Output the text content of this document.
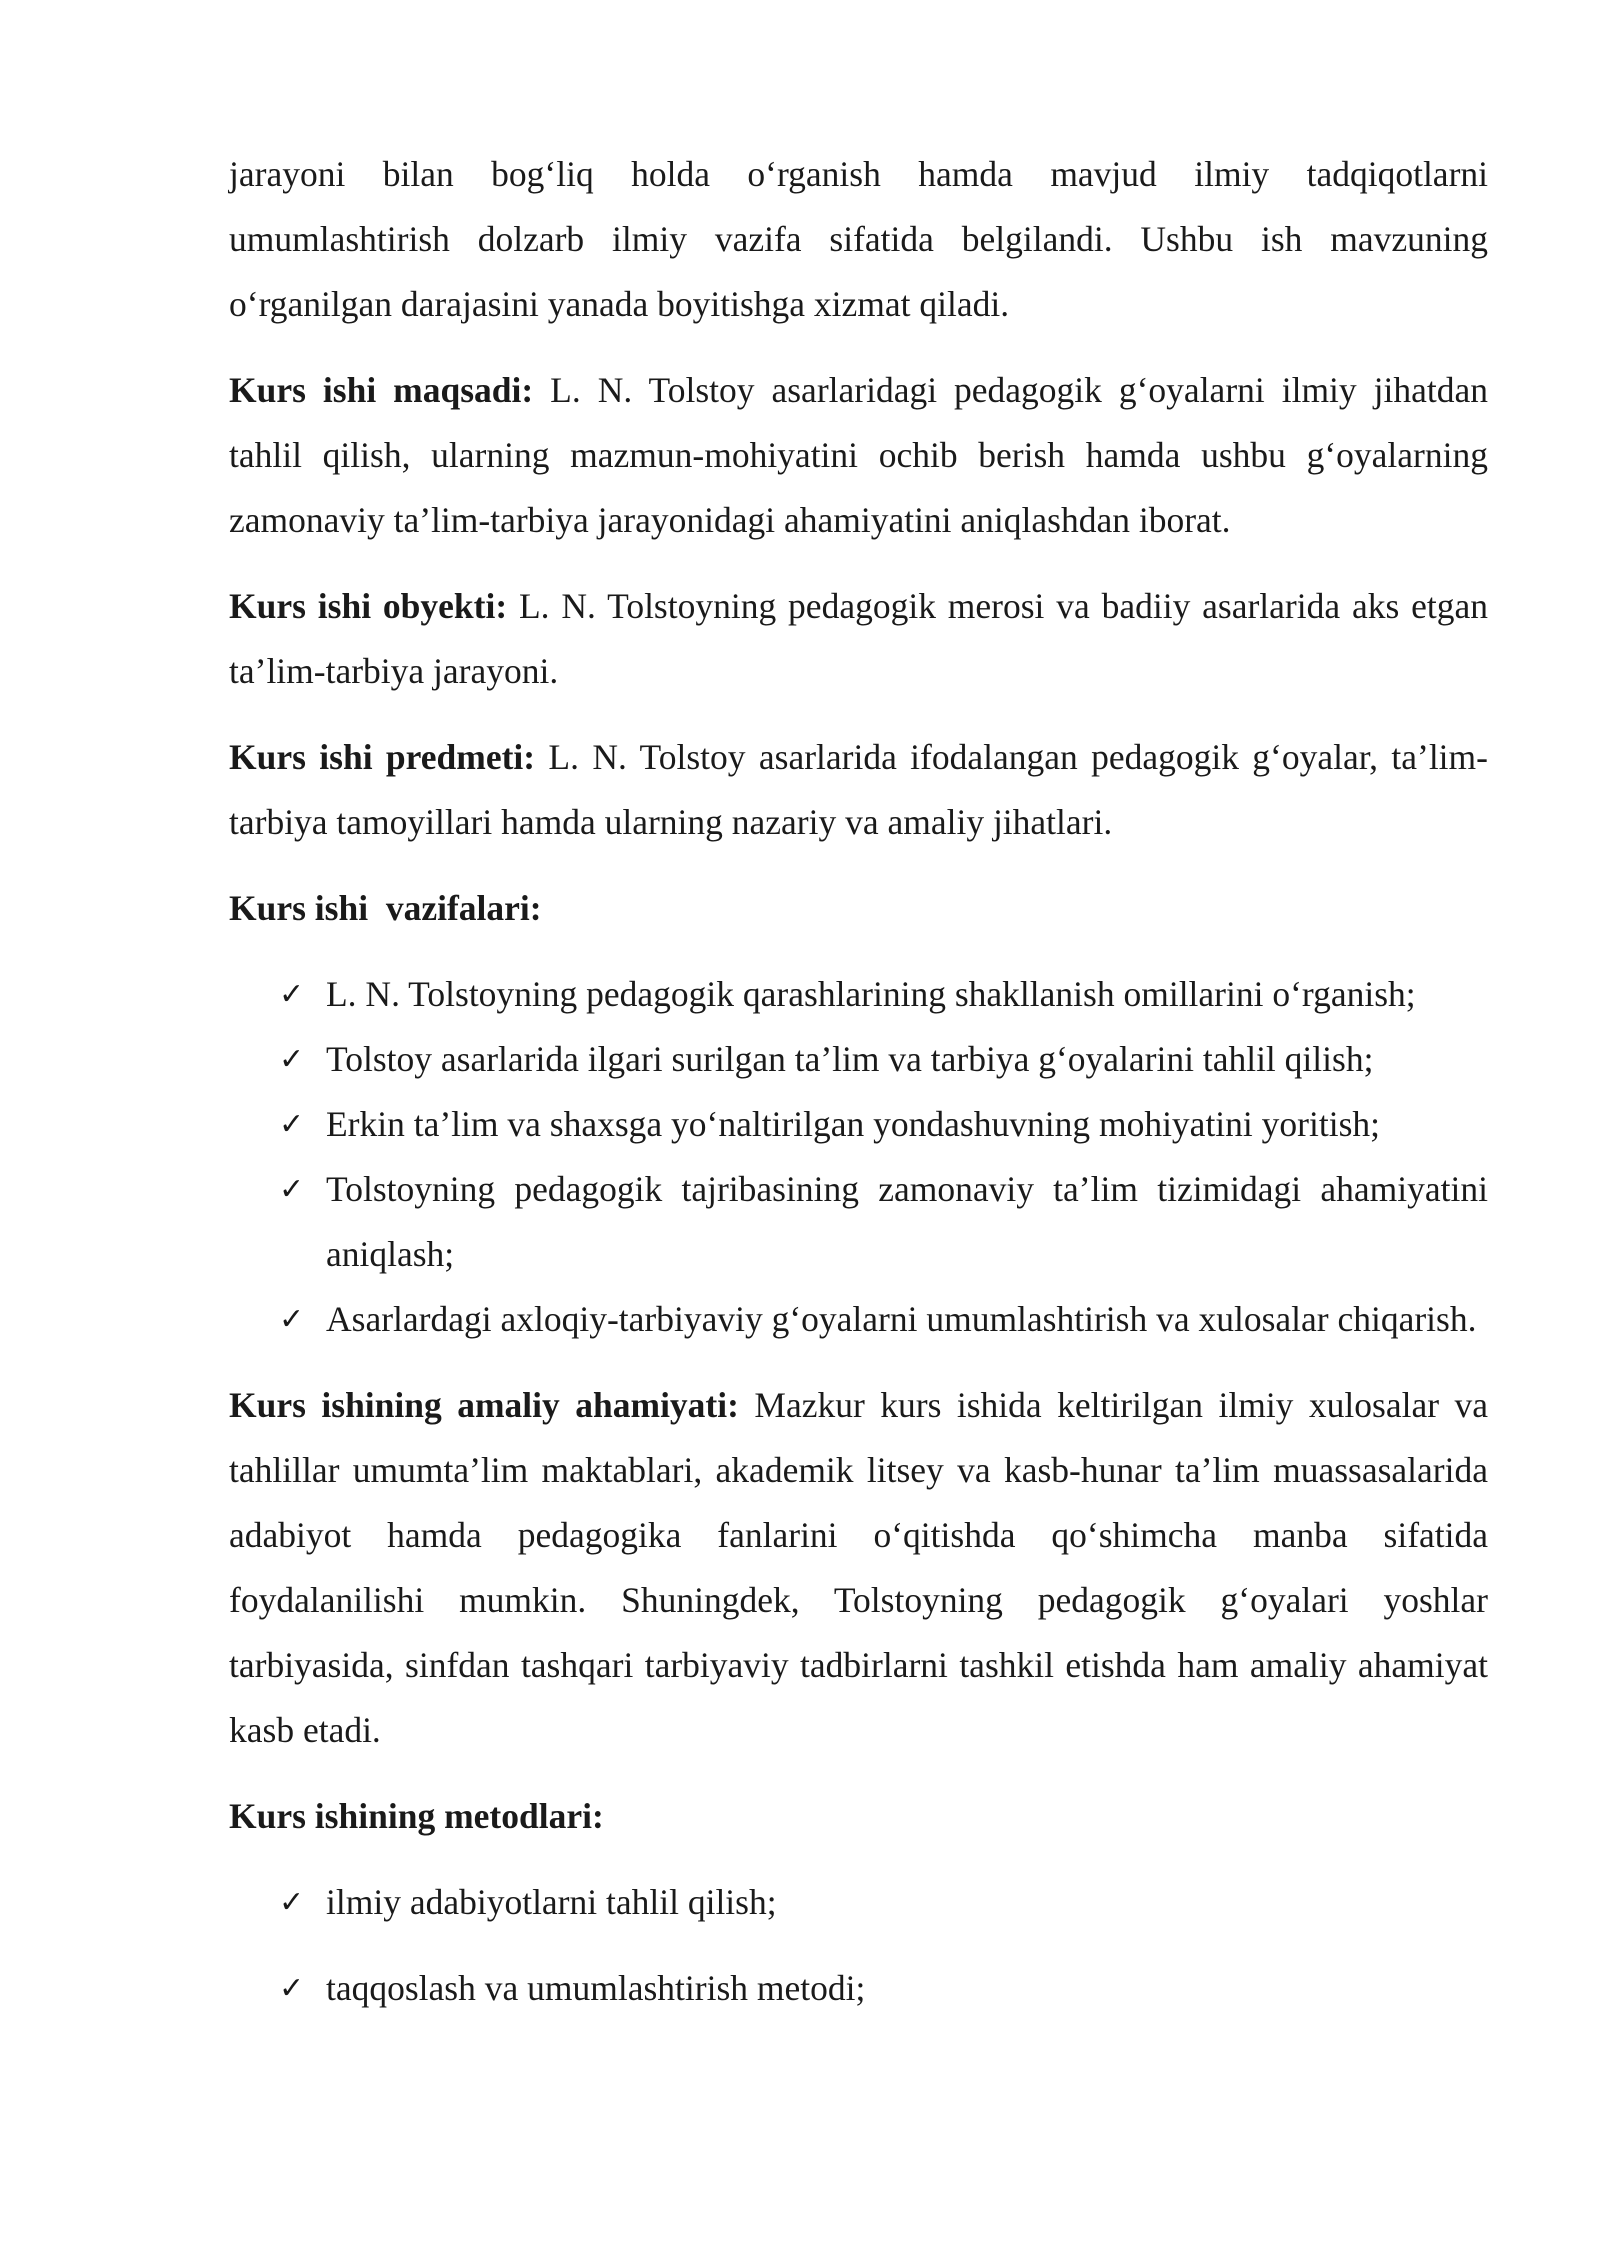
jarayoni bilan bog‘liq holda o‘rganish hamda mavjud ilmiy tadqiqotlarni umumlashtirish dolzarb ilmiy vazifa sifatida belgilandi. Ushbu ish mavzuning o‘rganilgan darajasini yanada boyitishga xizmat qiladi.

Kurs ishi maqsadi: L. N. Tolstoy asarlaridagi pedagogik g‘oyalarni ilmiy jihatdan tahlil qilish, ularning mazmun-mohiyatini ochib berish hamda ushbu g‘oyalarning zamonaviy ta’lim-tarbiya jarayonidagi ahamiyatini aniqlashdan iborat.

Kurs ishi obyekti: L. N. Tolstoyning pedagogik merosi va badiiy asarlarida aks etgan ta’lim-tarbiya jarayoni.

Kurs ishi predmeti: L. N. Tolstoy asarlarida ifodalangan pedagogik g‘oyalar, ta’lim-tarbiya tamoyillari hamda ularning nazariy va amaliy jihatlari.

Kurs ishi  vazifalari:

✓ L. N. Tolstoyning pedagogik qarashlarining shakllanish omillarini o‘rganish;
✓ Tolstoy asarlarida ilgari surilgan ta’lim va tarbiya g‘oyalarini tahlil qilish;
✓ Erkin ta’lim va shaxsga yo‘naltirilgan yondashuvning mohiyatini yoritish;
✓ Tolstoyning pedagogik tajribasining zamonaviy ta’lim tizimidagi ahamiyatini aniqlash;
✓ Asarlardagi axloqiy-tarbiyaviy g‘oyalarni umumlashtirish va xulosalar chiqarish.

Kurs ishining amaliy ahamiyati: Mazkur kurs ishida keltirilgan ilmiy xulosalar va tahlillar umumta’lim maktablari, akademik litsey va kasb-hunar ta’lim muassasalarida adabiyot hamda pedagogika fanlarini o‘qitishda qo‘shimcha manba sifatida foydalanilishi mumkin. Shuningdek, Tolstoyning pedagogik g‘oyalari yoshlar tarbiyasida, sinfdan tashqari tarbiyaviy tadbirlarni tashkil etishda ham amaliy ahamiyat kasb etadi.

Kurs ishining metodlari:

✓ ilmiy adabiyotlarni tahlil qilish;
✓ taqqoslash va umumlashtirish metodi;
